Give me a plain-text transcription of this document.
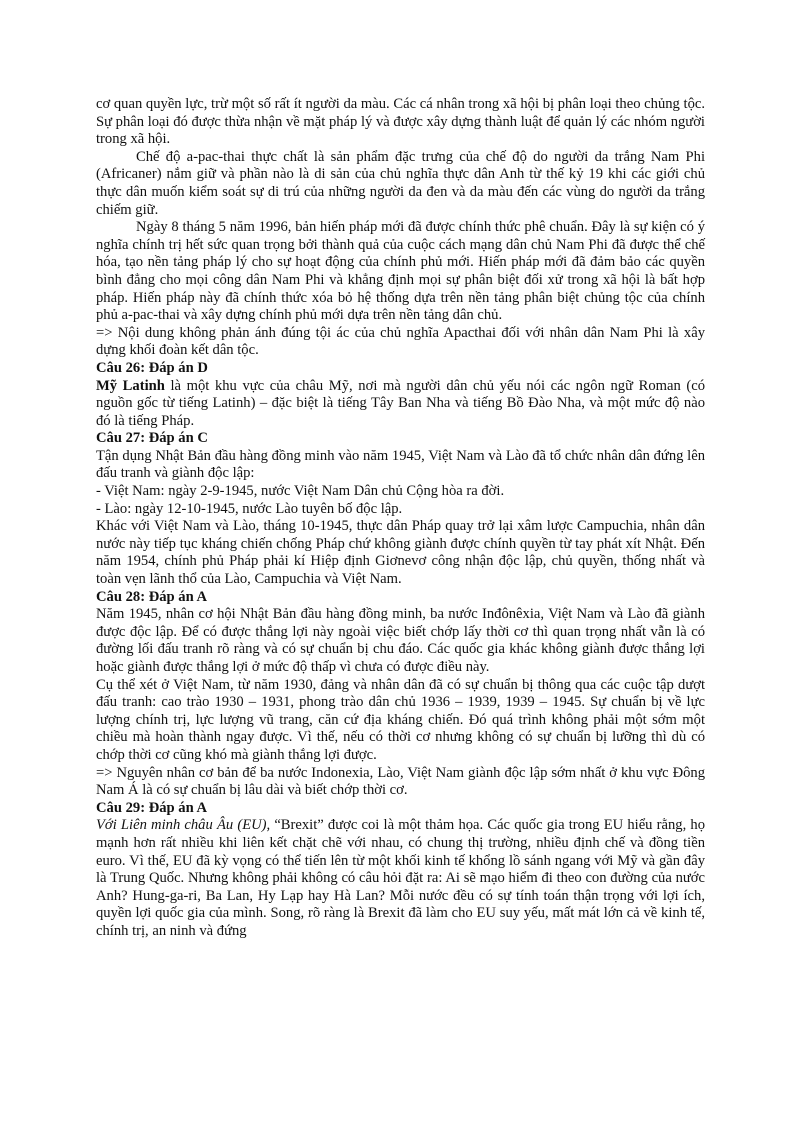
cơ quan quyền lực, trừ một số rất ít người da màu. Các cá nhân trong xã hội bị phân loại theo chủng tộc. Sự phân loại đó được thừa nhận về mặt pháp lý và được xây dựng thành luật để quản lý các nhóm người trong xã hội.

Chế độ a-pac-thai thực chất là sản phẩm đặc trưng của chế độ do người da trắng Nam Phi (Africaner) nắm giữ và phần nào là di sản của chủ nghĩa thực dân Anh từ thế kỷ 19 khi các giới chủ thực dân muốn kiểm soát sự di trú của những người da đen và da màu đến các vùng do người da trắng chiếm giữ.

Ngày 8 tháng 5 năm 1996, bản hiến pháp mới đã được chính thức phê chuẩn. Đây là sự kiện có ý nghĩa chính trị hết sức quan trọng bởi thành quả của cuộc cách mạng dân chủ Nam Phi đã được thể chế hóa, tạo nền tảng pháp lý cho sự hoạt động của chính phủ mới. Hiến pháp mới đã đảm bảo các quyền bình đẳng cho mọi công dân Nam Phi và khẳng định mọi sự phân biệt đối xử trong xã hội là bất hợp pháp. Hiến pháp này đã chính thức xóa bỏ hệ thống dựa trên nền tảng phân biệt chủng tộc của chính phủ a-pac-thai và xây dựng chính phủ mới dựa trên nền tảng dân chủ.

=> Nội dung không phản ánh đúng tội ác của chủ nghĩa Apacthai đối với nhân dân Nam Phi là xây dựng khối đoàn kết dân tộc.

Câu 26: Đáp án D

Mỹ Latinh là một khu vực của châu Mỹ, nơi mà người dân chủ yếu nói các ngôn ngữ Roman (có nguồn gốc từ tiếng Latinh) – đặc biệt là tiếng Tây Ban Nha và tiếng Bồ Đào Nha, và một mức độ nào đó là tiếng Pháp.

Câu 27: Đáp án C

Tận dụng Nhật Bản đầu hàng đồng minh vào năm 1945, Việt Nam và Lào đã tổ chức nhân dân đứng lên đấu tranh và giành độc lập:

- Việt Nam: ngày 2-9-1945, nước Việt Nam Dân chủ Cộng hòa ra đời.

- Lào: ngày 12-10-1945, nước Lào tuyên bố độc lập.

Khác với Việt Nam và Lào, tháng 10-1945, thực dân Pháp quay trở lại xâm lược Campuchia, nhân dân nước này tiếp tục kháng chiến chống Pháp chứ không giành được chính quyền từ tay phát xít Nhật. Đến năm 1954, chính phủ Pháp phải kí Hiệp định Giơnevơ công nhận độc lập, chủ quyền, thống nhất và toàn vẹn lãnh thổ của Lào, Campuchia và Việt Nam.

Câu 28: Đáp án A

Năm 1945, nhân cơ hội Nhật Bản đầu hàng đồng minh, ba nước Inđônêxia, Việt Nam và Lào đã giành được độc lập. Để có được thắng lợi này ngoài việc biết chớp lấy thời cơ thì quan trọng nhất vẫn là có đường lối đấu tranh rõ ràng và có sự chuẩn bị chu đáo. Các quốc gia khác không giành được thắng lợi hoặc giành được thắng lợi ở mức độ thấp vì chưa có được điều này.

Cụ thể xét ở Việt Nam, từ năm 1930, đảng và nhân dân đã có sự chuẩn bị thông qua các cuộc tập dượt đấu tranh: cao trào 1930 – 1931, phong trào dân chủ 1936 – 1939, 1939 – 1945. Sự chuẩn bị về lực lượng chính trị, lực lượng vũ trang, căn cứ địa kháng chiến. Đó quá trình không phải một sớm một chiều mà hoàn thành ngay được. Vì thế, nếu có thời cơ nhưng không có sự chuẩn bị lưỡng thì dù có chớp thời cơ cũng khó mà giành thắng lợi được.

=> Nguyên nhân cơ bản để ba nước Indonexia, Lào, Việt Nam giành độc lập sớm nhất ở khu vực Đông Nam Á là có sự chuẩn bị lâu dài và biết chớp thời cơ.

Câu 29: Đáp án A

Với Liên minh châu Âu (EU), “Brexit” được coi là một thảm họa. Các quốc gia trong EU hiểu rằng, họ mạnh hơn rất nhiều khi liên kết chặt chẽ với nhau, có chung thị trường, nhiều định chế và đồng tiền euro. Vì thế, EU đã kỳ vọng có thể tiến lên từ một khối kinh tế khổng lồ sánh ngang với Mỹ và gần đây là Trung Quốc. Nhưng không phải không có câu hỏi đặt ra: Ai sẽ mạo hiểm đi theo con đường của nước Anh? Hung-ga-ri, Ba Lan, Hy Lạp hay Hà Lan? Mỗi nước đều có sự tính toán thận trọng với lợi ích, quyền lợi quốc gia của mình. Song, rõ ràng là Brexit đã làm cho EU suy yếu, mất mát lớn cả về kinh tế, chính trị, an ninh và đứng
